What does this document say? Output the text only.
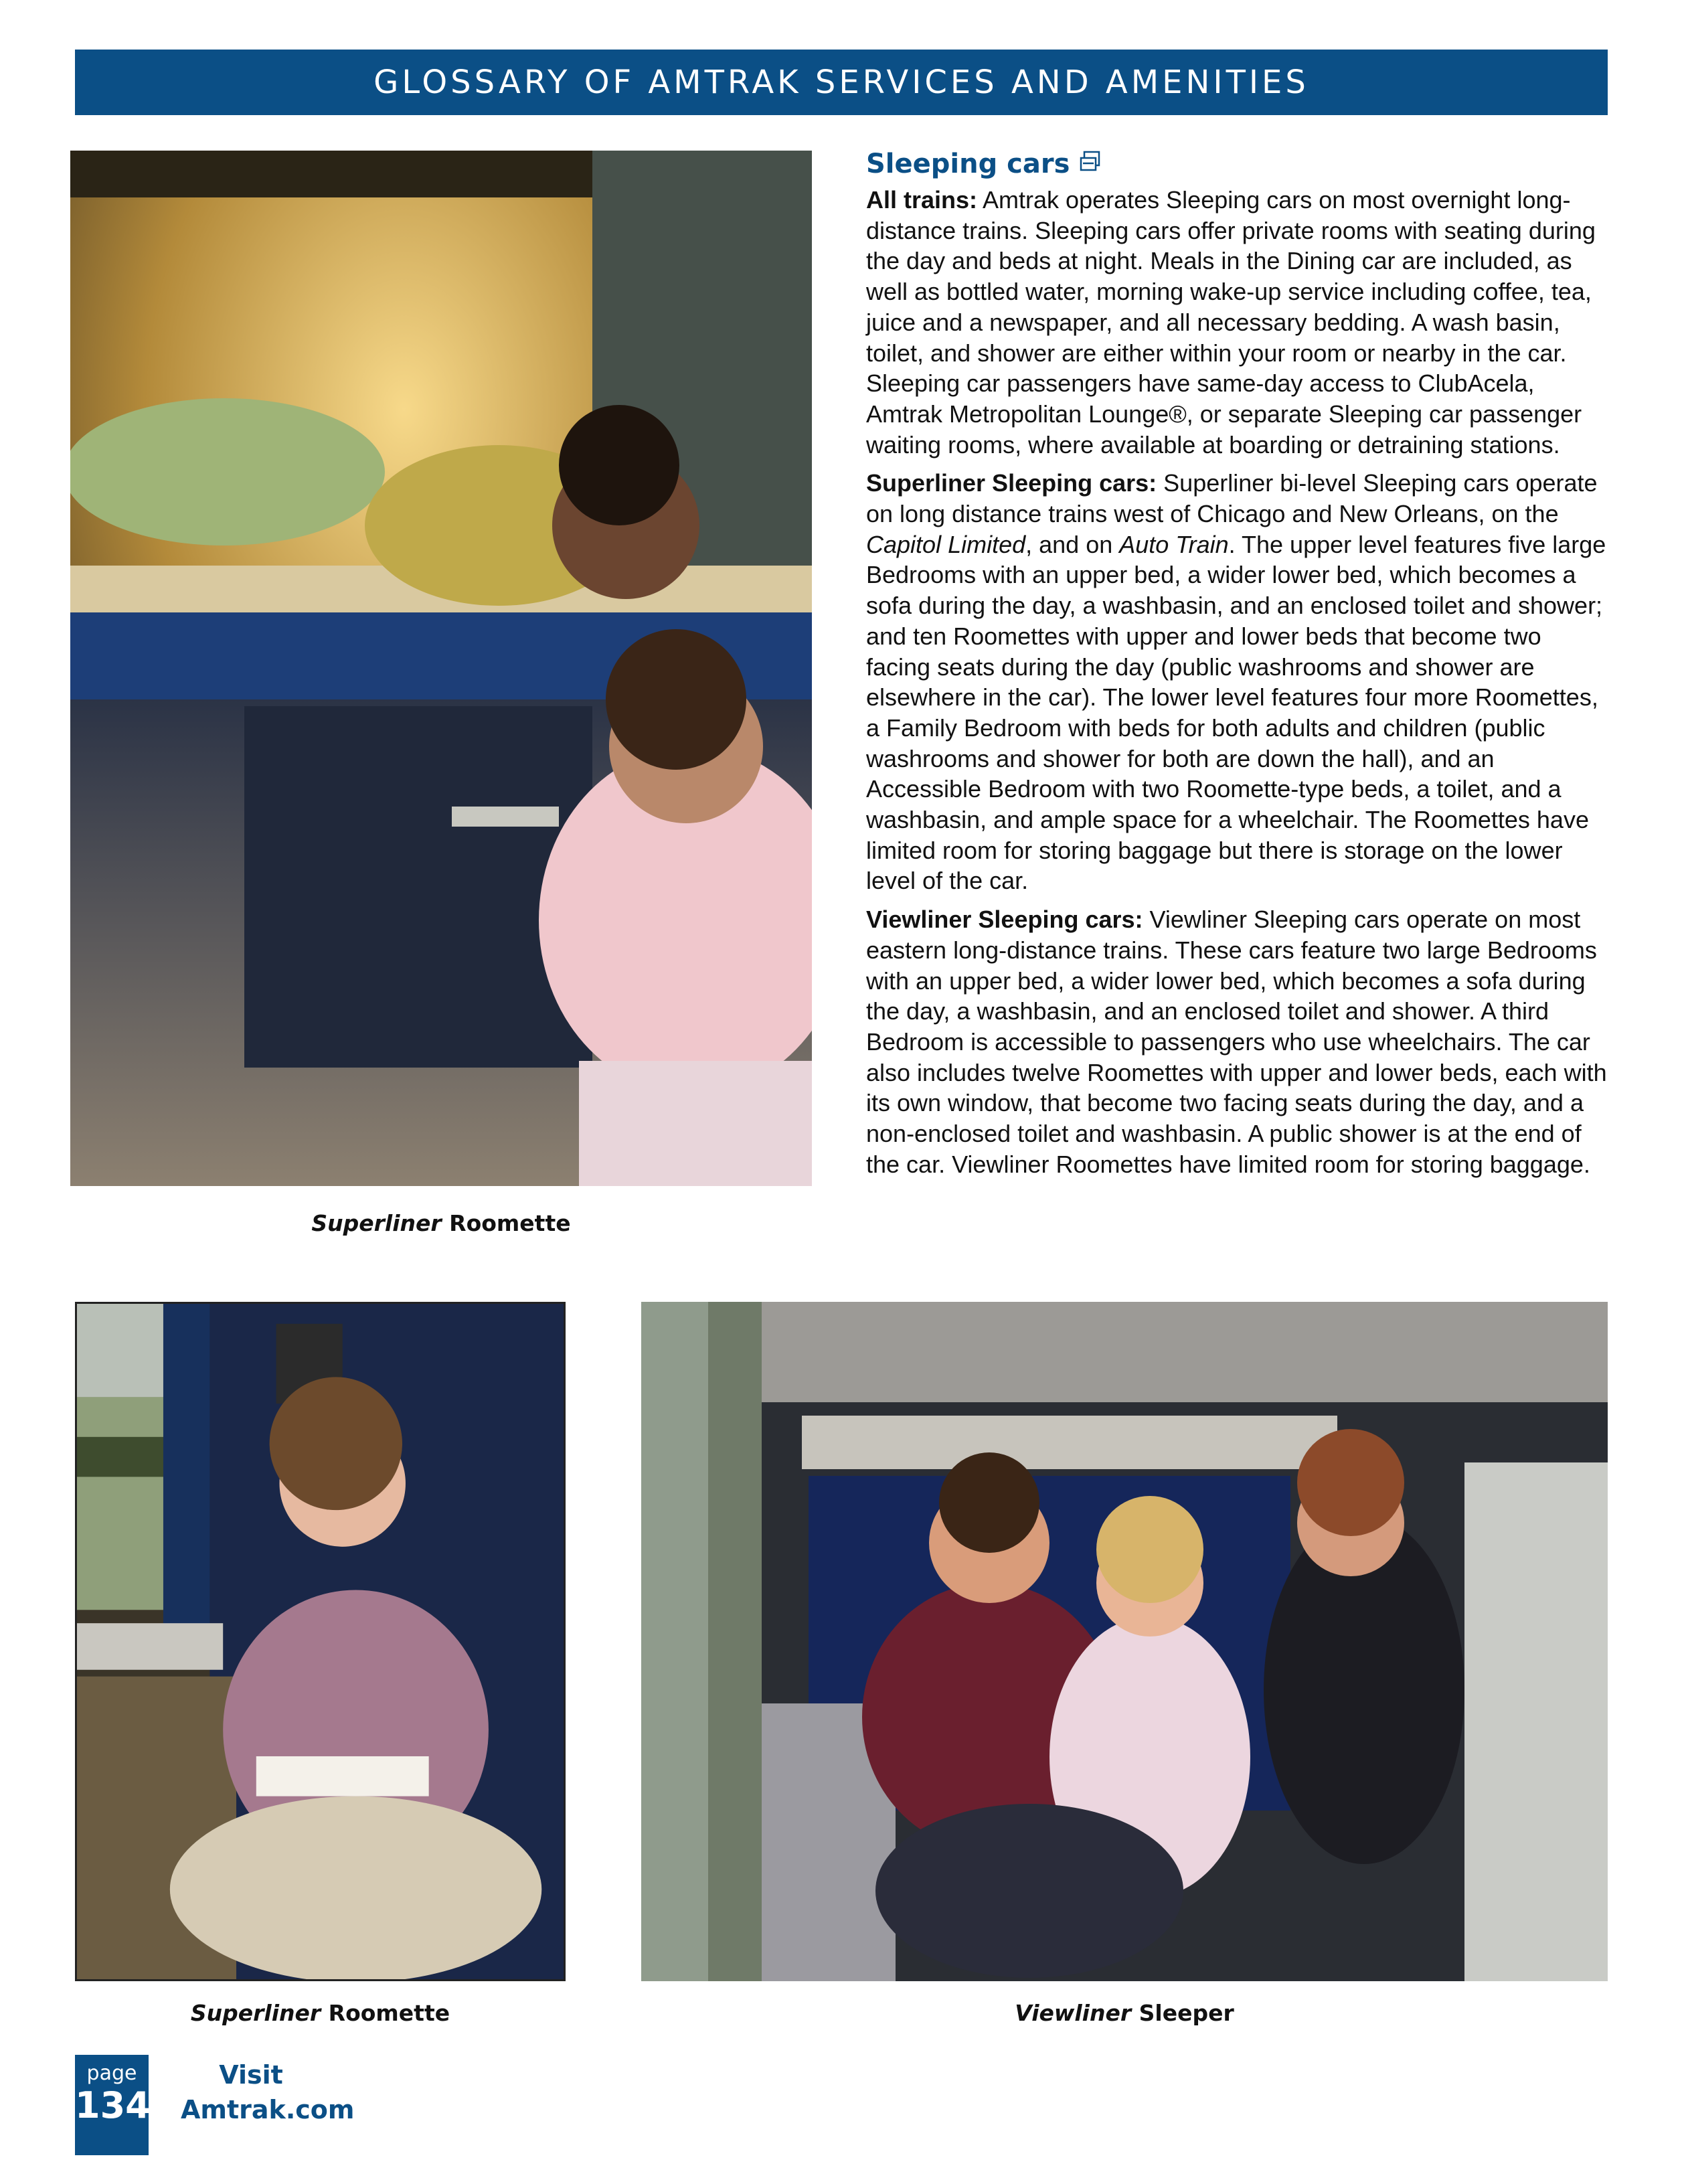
GLOSSARY OF AMTRAK SERVICES AND AMENITIES
Superliner Roomette
Sleeping cars

All trains: Amtrak operates Sleeping cars on most overnight long-distance trains. Sleeping cars offer private rooms with seating during the day and beds at night. Meals in the Dining car are included, as well as bottled water, morning wake-up service including coffee, tea, juice and a newspaper, and all necessary bedding. A wash basin, toilet, and shower are either within your room or nearby in the car. Sleeping car passengers have same-day access to ClubAcela, Amtrak Metropolitan Lounge®, or separate Sleeping car passenger waiting rooms, where available at boarding or detraining stations.

Superliner Sleeping cars: Superliner bi-level Sleeping cars operate on long distance trains west of Chicago and New Orleans, on the Capitol Limited, and on Auto Train. The upper level features five large Bedrooms with an upper bed, a wider lower bed, which becomes a sofa during the day, a washbasin, and an enclosed toilet and shower; and ten Roomettes with upper and lower beds that become two facing seats during the day (public washrooms and shower are elsewhere in the car). The lower level features four more Roomettes, a Family Bedroom with beds for both adults and children (public washrooms and shower for both are down the hall), and an Accessible Bedroom with two Roomette-type beds, a toilet, and a washbasin, and ample space for a wheelchair. The Roomettes have limited room for storing baggage but there is storage on the lower level of the car.

Viewliner Sleeping cars: Viewliner Sleeping cars operate on most eastern long-distance trains. These cars feature two large Bedrooms with an upper bed, a wider lower bed, which becomes a sofa during the day, a washbasin, and an enclosed toilet and shower. A third Bedroom is accessible to passengers who use wheelchairs. The car also includes twelve Roomettes with upper and lower beds, each with its own window, that become two facing seats during the day, and a non-enclosed toilet and washbasin. A public shower is at the end of the car. Viewliner Roomettes have limited room for storing baggage.

Superliner Roomette	Viewliner Sleeper
page
134
Visit
Amtrak.com
